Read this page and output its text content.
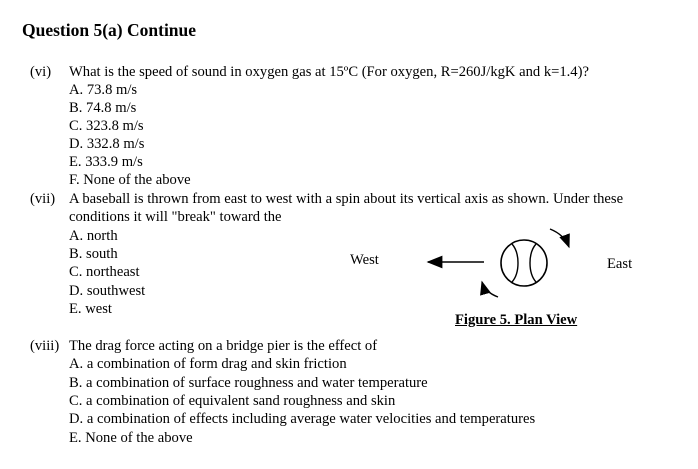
Question 5(a) Continue
(vi) What is the speed of sound in oxygen gas at 15ºC (For oxygen, R=260J/kgK and k=1.4)?
A. 73.8 m/s
B. 74.8 m/s
C. 323.8 m/s
D. 332.8 m/s
E. 333.9 m/s
F. None of the above
(vii) A baseball is thrown from east to west with a spin about its vertical axis as shown. Under these
conditions it will "break" toward the
A. north
B. south
C. northeast
D. southwest
E. west
West	East
Figure 5. Plan View
(viii) The drag force acting on a bridge pier is the effect of
A. a combination of form drag and skin friction
B. a combination of surface roughness and water temperature
C. a combination of equivalent sand roughness and skin
D. a combination of effects including average water velocities and temperatures
E. None of the above
